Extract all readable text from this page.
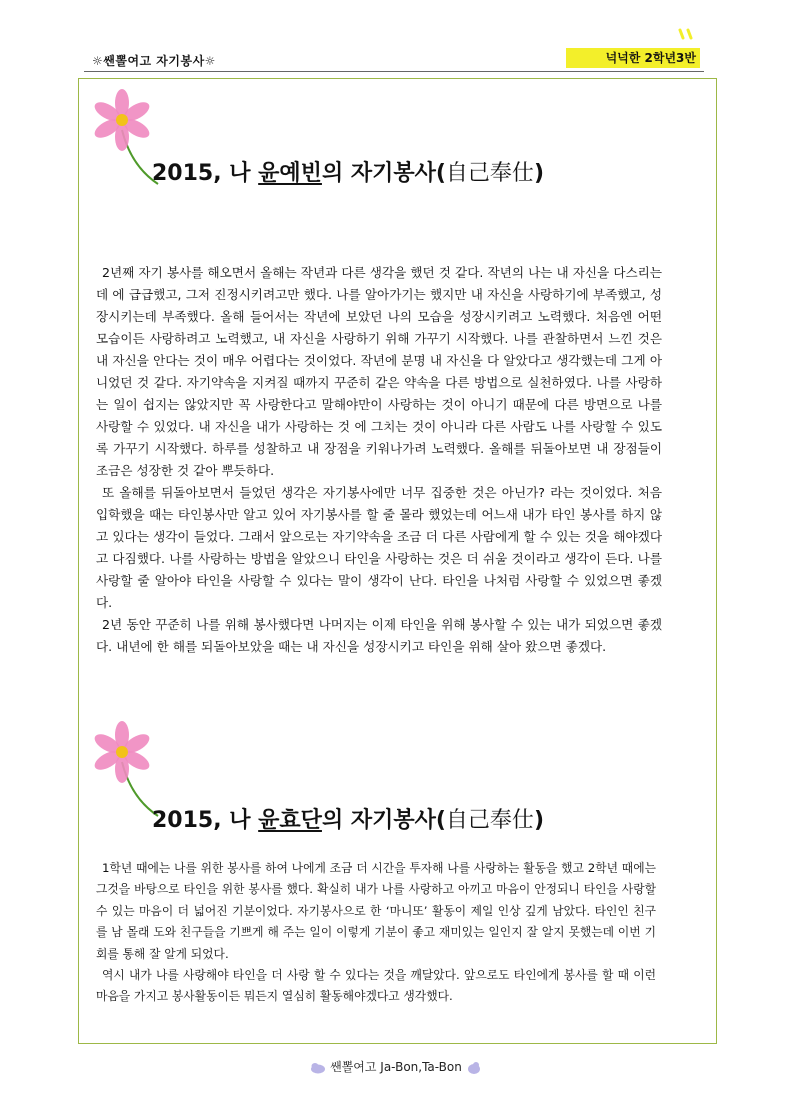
☼쌘뽈여고 자기봉사☼	넉넉한 2학년3반
2015, 나 윤예빈의 자기봉사(自己奉仕)

2년째 자기 봉사를 해오면서 올해는 작년과 다른 생각을 했던 것 같다. 작년의 나는 내 자신을 다스리는데 에 급급했고, 그저 진정시키려고만 했다. 나를 알아가기는 했지만 내 자신을 사랑하기에 부족했고, 성장시키는데 부족했다. 올해 들어서는 작년에 보았던 나의 모습을 성장시키려고 노력했다. 처음엔 어떤 모습이든 사랑하려고 노력했고, 내 자신을 사랑하기 위해 가꾸기 시작했다. 나를 관찰하면서 느낀 것은 내 자신을 안다는 것이 매우 어렵다는 것이었다. 작년에 분명 내 자신을 다 알았다고 생각했는데 그게 아니었던 것 같다. 자기약속을 지켜질 때까지 꾸준히 같은 약속을 다른 방법으로 실천하였다. 나를 사랑하는 일이 쉽지는 않았지만 꼭 사랑한다고 말해야만이 사랑하는 것이 아니기 때문에 다른 방면으로 나를 사랑할 수 있었다. 내 자신을 내가 사랑하는 것 에 그치는 것이 아니라 다른 사람도 나를 사랑할 수 있도록 가꾸기 시작했다. 하루를 성찰하고 내 장점을 키워나가려 노력했다. 올해를 뒤돌아보면 내 장점들이 조금은 성장한 것 같아 뿌듯하다.

또 올해를 뒤돌아보면서 들었던 생각은 자기봉사에만 너무 집중한 것은 아닌가? 라는 것이었다. 처음 입학했을 때는 타인봉사만 알고 있어 자기봉사를 할 줄 몰라 했었는데 어느새 내가 타인 봉사를 하지 않고 있다는 생각이 들었다. 그래서 앞으로는 자기약속을 조금 더 다른 사람에게 할 수 있는 것을 해야겠다고 다짐했다. 나를 사랑하는 방법을 알았으니 타인을 사랑하는 것은 더 쉬울 것이라고 생각이 든다. 나를 사랑할 줄 알아야 타인을 사랑할 수 있다는 말이 생각이 난다. 타인을 나처럼 사랑할 수 있었으면 좋겠다.

2년 동안 꾸준히 나를 위해 봉사했다면 나머지는 이제 타인을 위해 봉사할 수 있는 내가 되었으면 좋겠다. 내년에 한 해를 되돌아보았을 때는 내 자신을 성장시키고 타인을 위해 살아 왔으면 좋겠다.

2015, 나 윤효단의 자기봉사(自己奉仕)

1학년 때에는 나를 위한 봉사를 하여 나에게 조금 더 시간을 투자해 나를 사랑하는 활동을 했고 2학년 때에는 그것을 바탕으로 타인을 위한 봉사를 했다. 확실히 내가 나를 사랑하고 아끼고 마음이 안정되니 타인을 사랑할 수 있는 마음이 더 넓어진 기분이었다. 자기봉사으로 한 ‘마니또’ 활동이 제일 인상 깊게 남았다. 타인인 친구를 남 몰래 도와 친구들을 기쁘게 해 주는 일이 이렇게 기분이 좋고 재미있는 일인지 잘 알지 못했는데 이번 기회를 통해 잘 알게 되었다.

역시 내가 나를 사랑해야 타인을 더 사랑 할 수 있다는 것을 깨달았다. 앞으로도 타인에게 봉사를 할 때 이런 마음을 가지고 봉사활동이든 뭐든지 열심히 활동해야겠다고 생각했다.

쌘뽈여고 Ja-Bon,Ta-Bon
